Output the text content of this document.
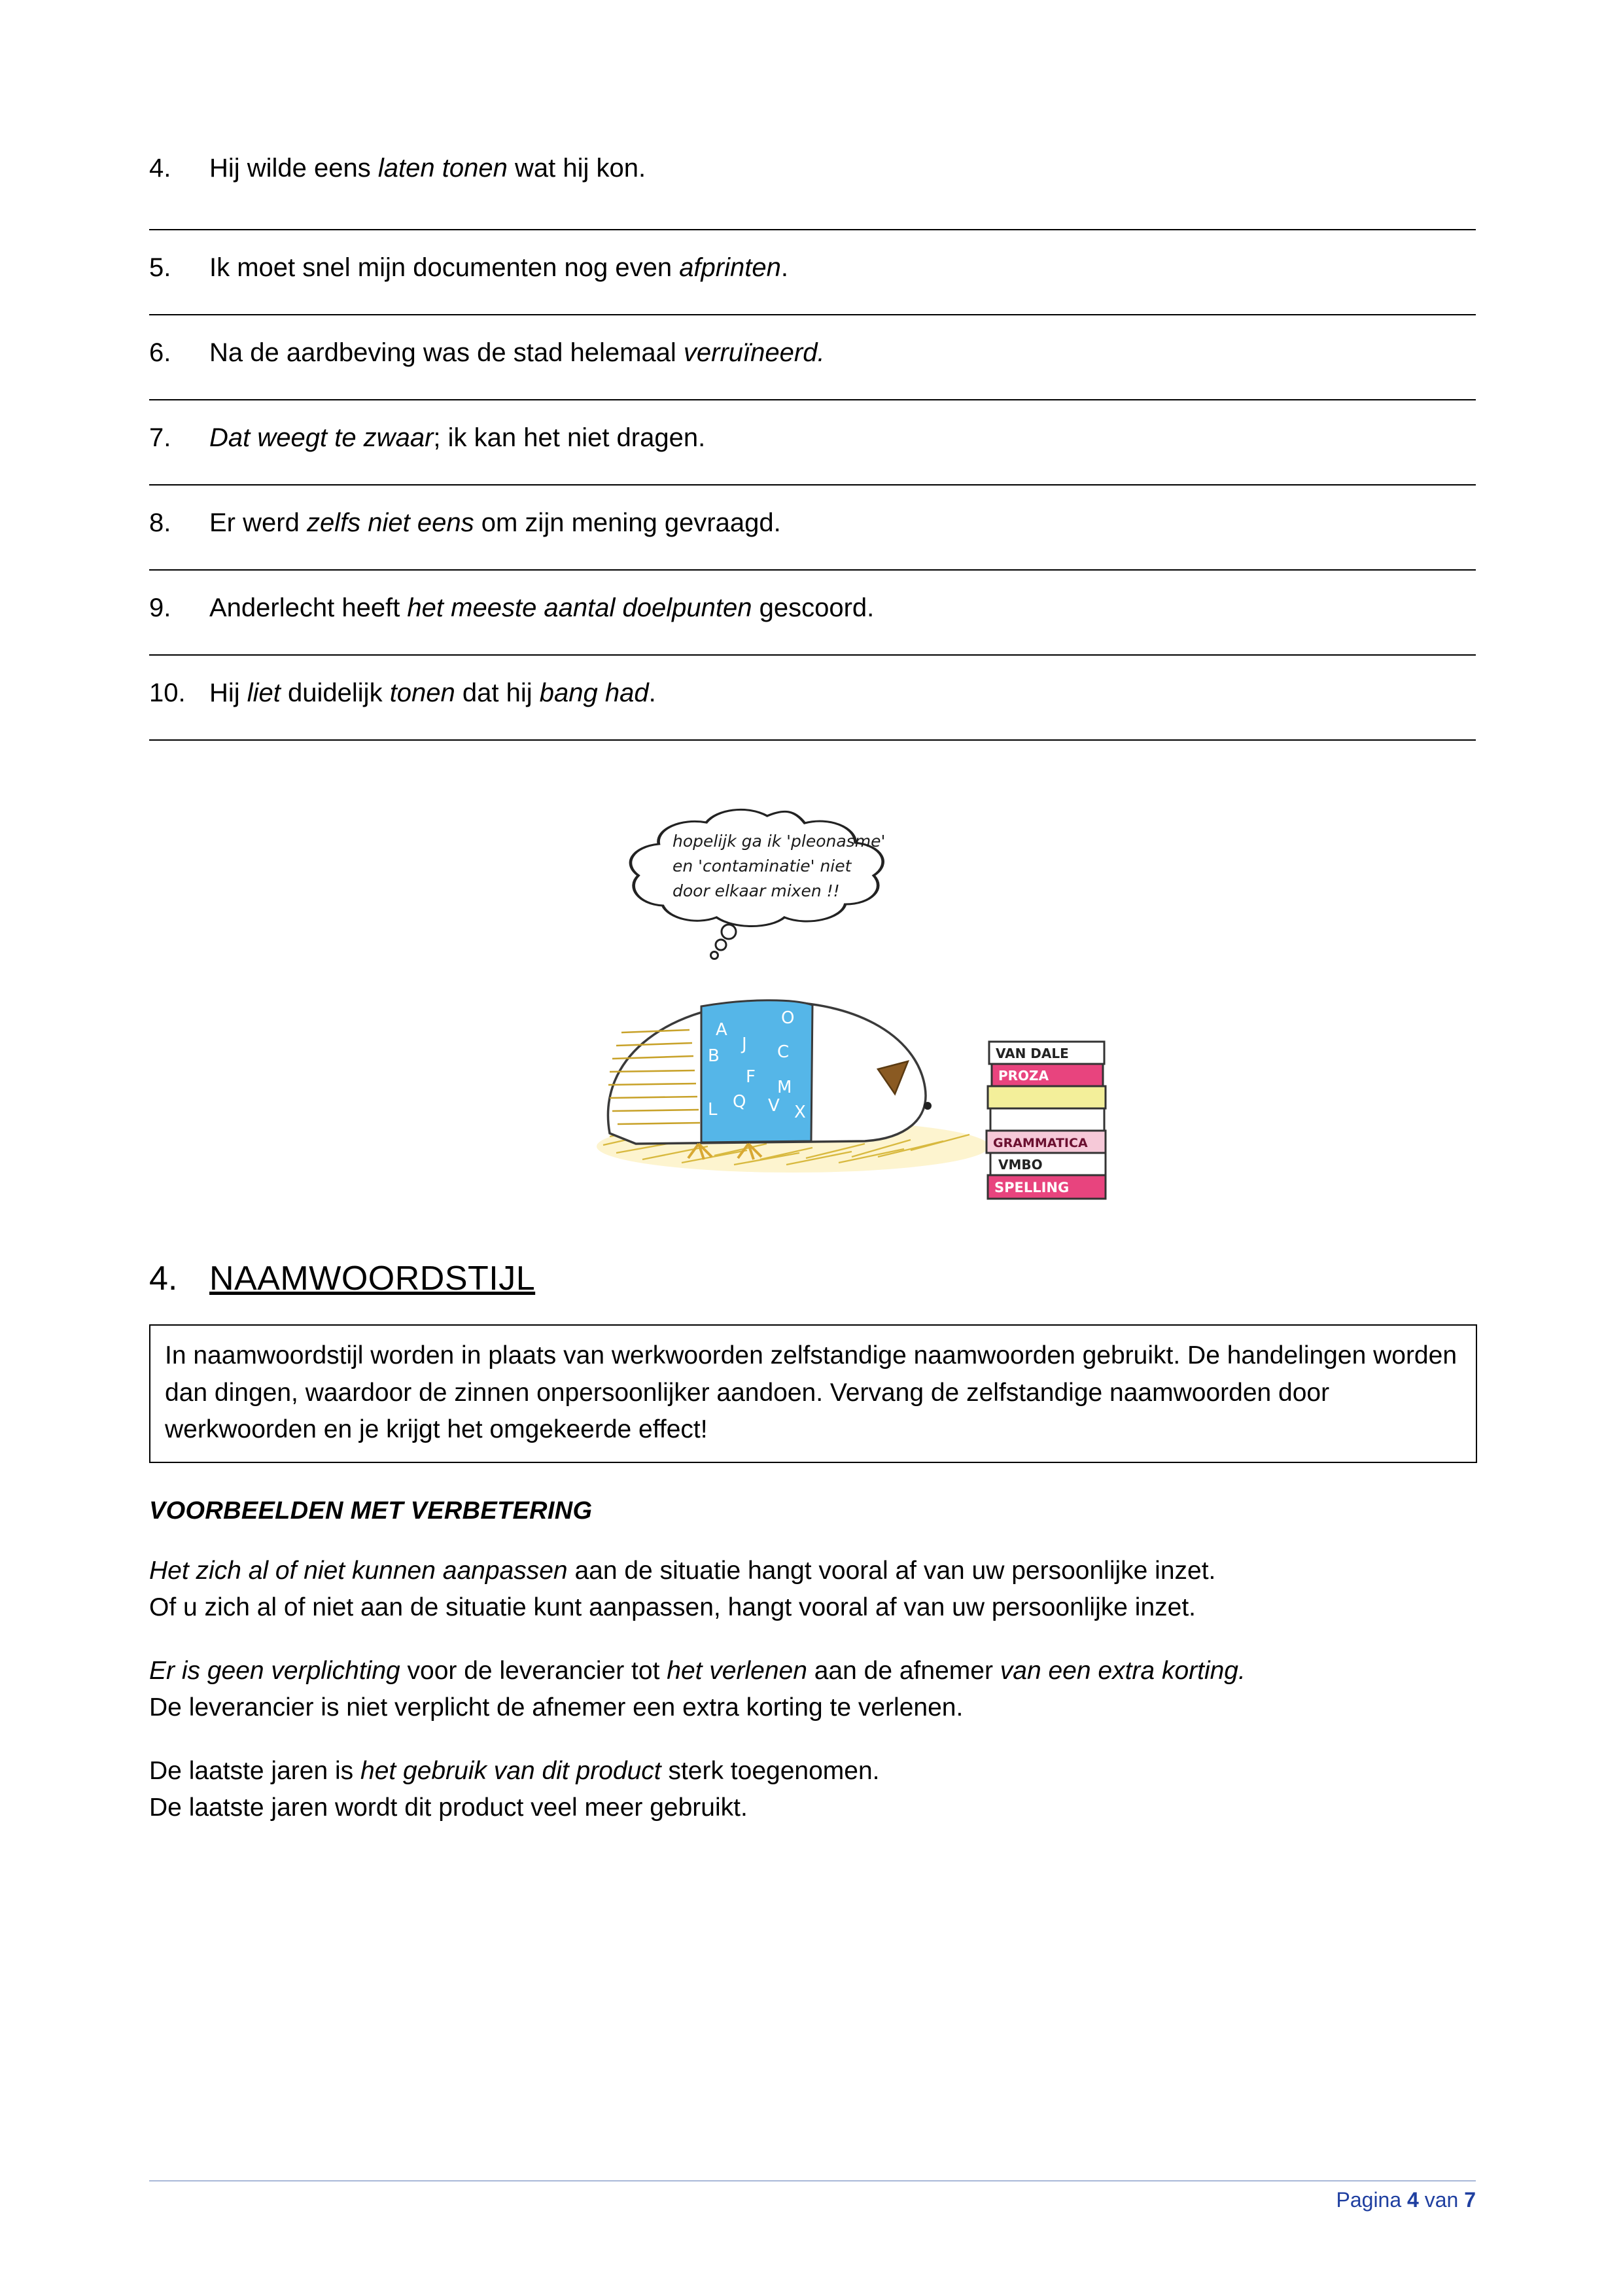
4.	Hij wilde eens laten tonen wat hij kon.
5.	Ik moet snel mijn documenten nog even afprinten.
6.	Na de aardbeving was de stad helemaal verruïneerd.
7.	Dat weegt te zwaar; ik kan het niet dragen.
8.	Er werd zelfs niet eens om zijn mening gevraagd.
9.	Anderlecht heeft het meeste aantal doelpunten gescoord.
10. Hij liet duidelijk tonen dat hij bang had.
hopelijk ga ik 'pleonasme'
en 'contaminatie' niet
door elkaar mixen !!
A
O
B
J C
F
M
L Q V X
VAN DALE
PROZA
GRAMMATICA
VMBO
SPELLING
4. NAAMWOORDSTIJL
In naamwoordstijl worden in plaats van werkwoorden zelfstandige naamwoorden gebruikt. De handelingen worden dan dingen, waardoor de zinnen onpersoonlijker aandoen. Vervang de zelfstandige naamwoorden door werkwoorden en je krijgt het omgekeerde effect!
VOORBEELDEN MET VERBETERING
Het zich al of niet kunnen aanpassen aan de situatie hangt vooral af van uw persoonlijke inzet.
Of u zich al of niet aan de situatie kunt aanpassen, hangt vooral af van uw persoonlijke inzet.
Er is geen verplichting voor de leverancier tot het verlenen aan de afnemer van een extra korting.
De leverancier is niet verplicht de afnemer een extra korting te verlenen.
De laatste jaren is het gebruik van dit product sterk toegenomen.
De laatste jaren wordt dit product veel meer gebruikt.
Pagina 4 van 7
